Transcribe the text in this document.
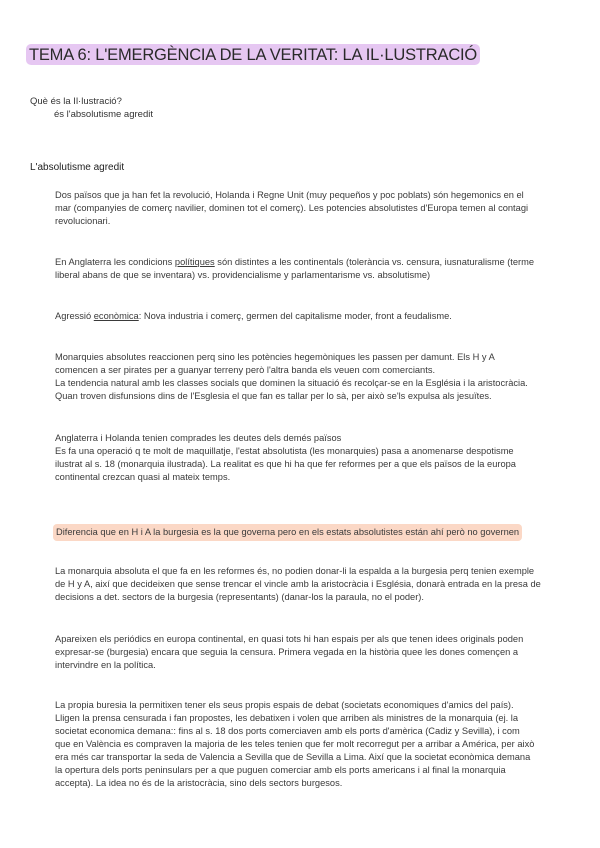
TEMA 6: L'EMERGÈNCIA DE LA VERITAT: LA IL·LUSTRACIÓ
Què és la Il·lustració?
és l'absolutisme agredit
L'absolutisme agredit
Dos països que ja han fet la revolució, Holanda i Regne Unit (muy pequeños y poc poblats) són hegemonics en el
mar (companyies de comerç navilier, dominen tot el comerç). Les potencies absolutistes d'Europa temen al contagi
revolucionari.
En Anglaterra les condicions polítiques són distintes a les continentals (tolerància vs. censura, iusnaturalisme (terme
liberal abans de que se inventara) vs. providencialisme y parlamentarisme vs. absolutisme)
Agressió econòmica: Nova industria i comerç, germen del capitalisme moder, front a feudalisme.
Monarquies absolutes reaccionen perq sino les potències hegemòniques les passen per damunt. Els H y A
comencen a ser pirates per a guanyar terreny però l'altra banda els veuen com comerciants.
La tendencia natural amb les classes socials que dominen la situació és recolçar-se en la Església i la aristocràcia.
Quan troven disfunsions dins de l'Esglesia el que fan es tallar per lo sà, per això se'ls expulsa als jesuïtes.
Anglaterra i Holanda tenien comprades les deutes dels demés països
Es fa una operació q te molt de maquillatje, l'estat absolutista (les monarquies) pasa a anomenarse despotisme
ilustrat al s. 18 (monarquia ilustrada). La realitat es que hi ha que fer reformes per a que els països de la europa
continental crezcan quasi al mateix temps.
Diferencia que en H i A la burgesia es la que governa pero en els estats absolutistes están ahí però no governen
La monarquia absoluta el que fa en les reformes és, no podien donar-li la espalda a la burgesia perq tenien exemple
de H y A, així que decideixen que sense trencar el vincle amb la aristocràcia i Església, donarà entrada en la presa de
decisions a det. sectors de la burgesia (representants) (danar-los la paraula, no el poder).
Apareixen els periódics en europa continental, en quasi tots hi han espais per als que tenen idees originals poden
expresar-se (burgesia) encara que seguia la censura. Primera vegada en la història quee les dones començen a
intervindre en la política.
La propia buresia la permitixen tener els seus propis espais de debat (societats economiques d'amics del país).
Lligen la prensa censurada i fan propostes, les debatixen i volen que arriben als ministres de la monarquia (ej. la
societat economica demana:: fins al s. 18 dos ports comerciaven amb els ports d'amèrica (Cadiz y Sevilla), i com
que en València es compraven la majoria de les teles tenien que fer molt recorregut per a arribar a América, per això
era més car transportar la seda de Valencia a Sevilla que de Sevilla a Lima. Així que la societat econòmica demana
la opertura dels ports peninsulars per a que puguen comerciar amb els ports americans i al final la monarquia
accepta). La idea no és de la aristocràcia, sino dels sectors burgesos.
